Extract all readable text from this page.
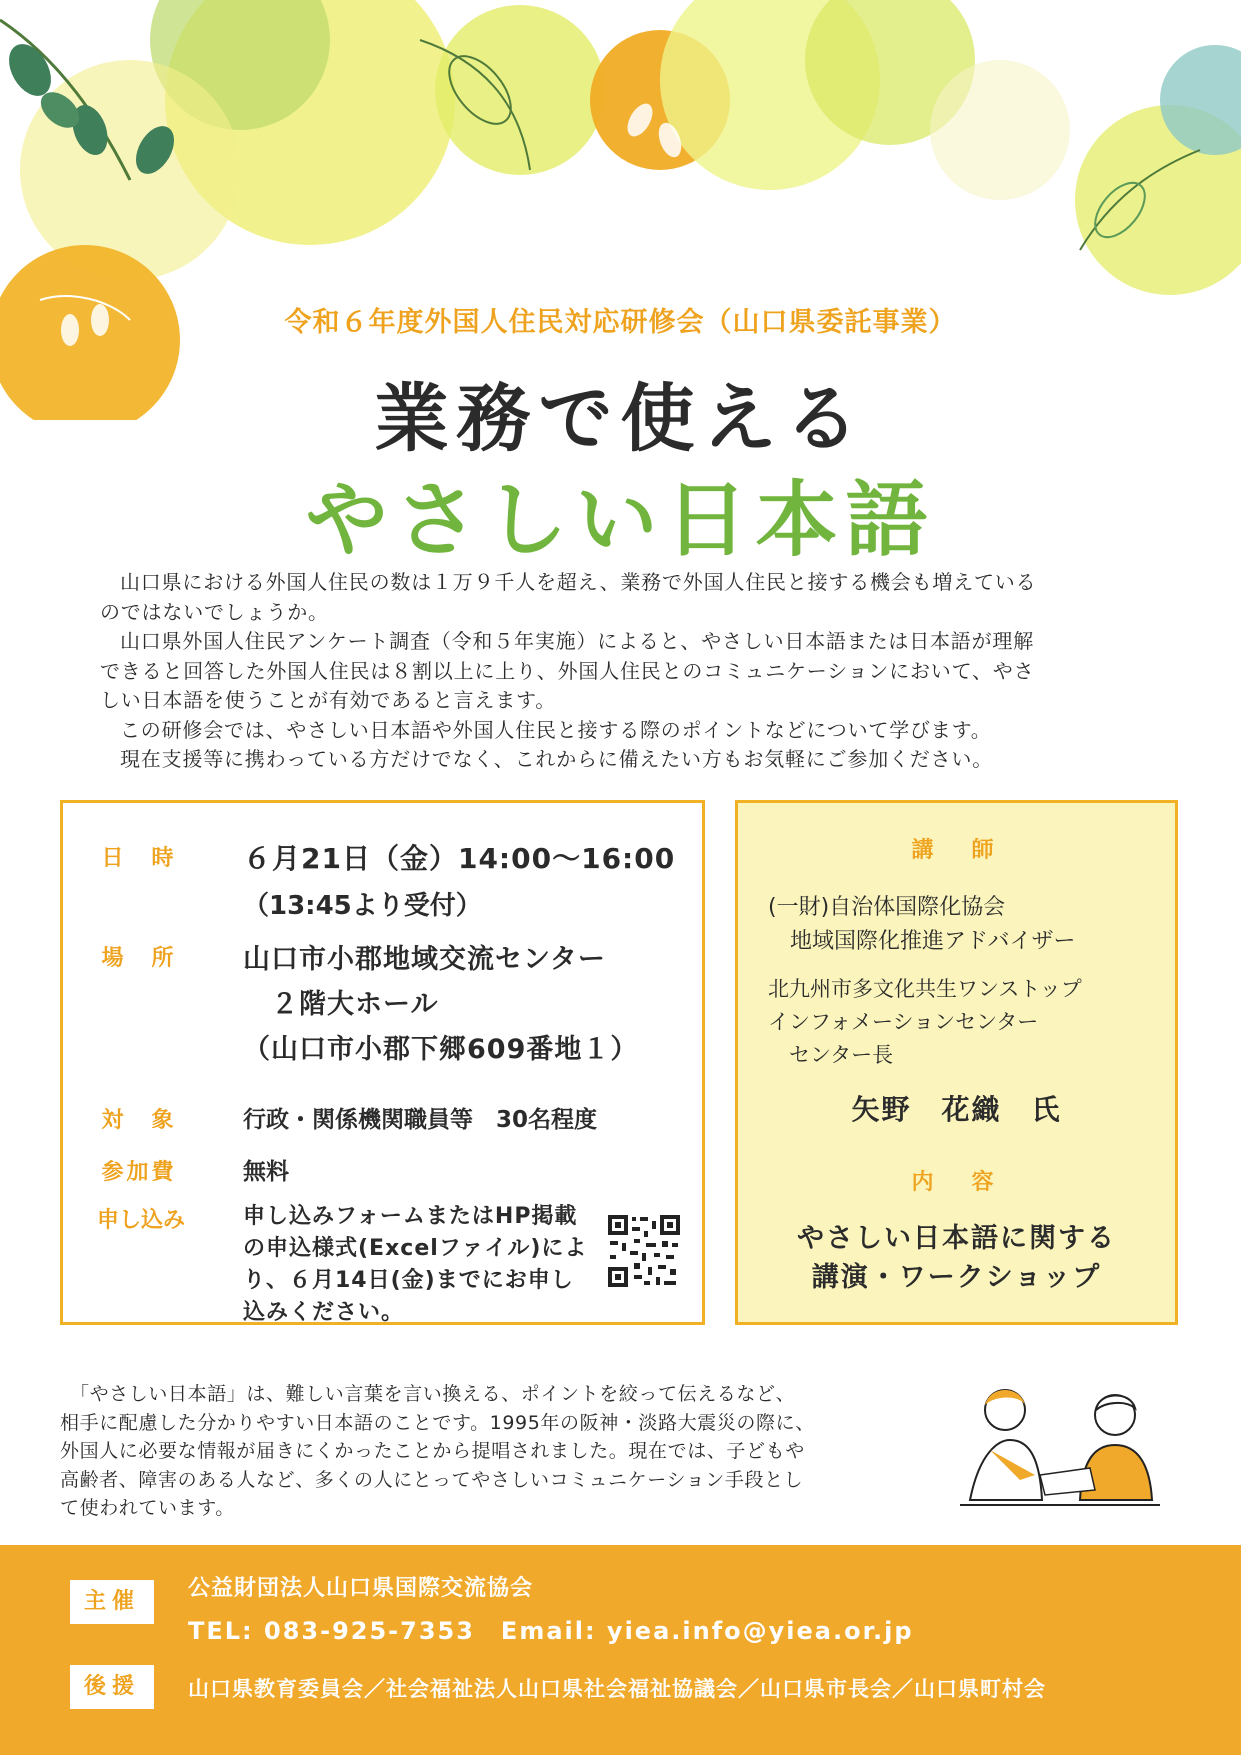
令和６年度外国人住民対応研修会（山口県委託事業）
業務で使える
やさしい日本語

山口県における外国人住民の数は１万９千人を超え、業務で外国人住民と接する機会も増えている

のではないでしょうか。

山口県外国人住民アンケート調査（令和５年実施）によると、やさしい日本語または日本語が理解

できると回答した外国人住民は８割以上に上り、外国人住民とのコミュニケーションにおいて、やさ

しい日本語を使うことが有効であると言えます。

この研修会では、やさしい日本語や外国人住民と接する際のポイントなどについて学びます。

現在支援等に携わっている方だけでなく、これからに備えたい方もお気軽にご参加ください。

日　時	６月21日（金）14:00～16:00
（13:45より受付）
場　所	山口市小郡地域交流センター
　２階大ホール
（山口市小郡下郷609番地１）
対　象	行政・関係機関職員等　30名程度
参加費	無料
申し込み	申し込みフォームまたはHP掲載
の申込様式(Excelファイル)によ
り、６月14日(金)までにお申し
込みください。
講　師
(一財)自治体国際化協会
　地域国際化推進アドバイザー
北九州市多文化共生ワンストップ
インフォメーションセンター
　センター長
矢野　花織　氏
内　容
やさしい日本語に関する
講演・ワークショップ

「やさしい日本語」は、難しい言葉を言い換える、ポイントを絞って伝えるなど、

相手に配慮した分かりやすい日本語のことです。1995年の阪神・淡路大震災の際に、

外国人に必要な情報が届きにくかったことから提唱されました。現在では、子どもや

高齢者、障害のある人など、多くの人にとってやさしいコミュニケーション手段とし

て使われています。

主催
公益財団法人山口県国際交流協会
TEL: 083-925-7353　Email: yiea.info@yiea.or.jp
後援	山口県教育委員会／社会福祉法人山口県社会福祉協議会／山口県市長会／山口県町村会
